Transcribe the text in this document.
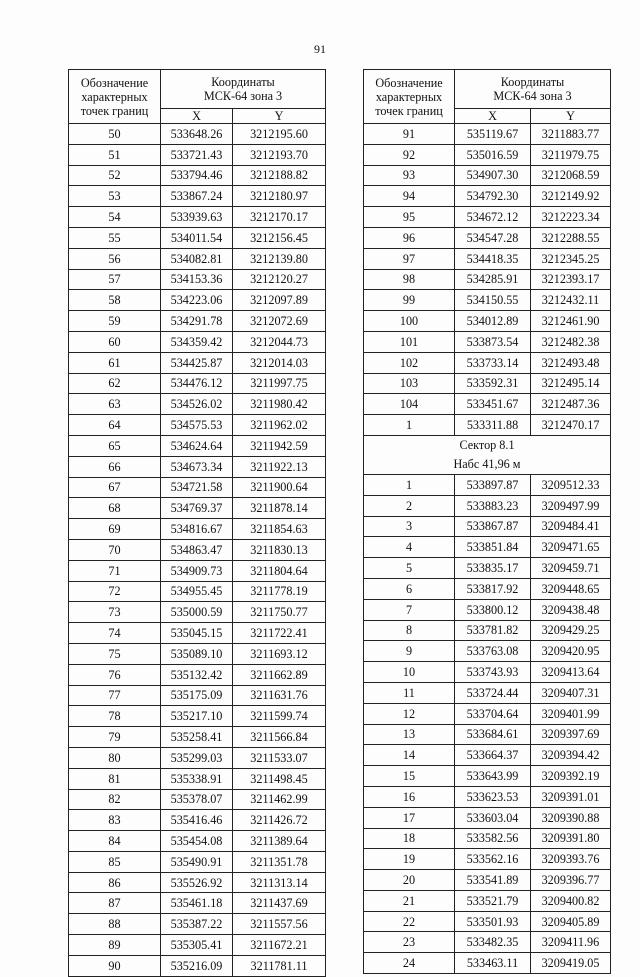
91
Обозначение
характерных
точек границ	Координаты
МСК-64 зона 3	
	X	Y
50	533648.26	3212195.60
51	533721.43	3212193.70
52	533794.46	3212188.82
53	533867.24	3212180.97
54	533939.63	3212170.17
55	534011.54	3212156.45
56	534082.81	3212139.80
57	534153.36	3212120.27
58	534223.06	3212097.89
59	534291.78	3212072.69
60	534359.42	3212044.73
61	534425.87	3212014.03
62	534476.12	3211997.75
63	534526.02	3211980.42
64	534575.53	3211962.02
65	534624.64	3211942.59
66	534673.34	3211922.13
67	534721.58	3211900.64
68	534769.37	3211878.14
69	534816.67	3211854.63
70	534863.47	3211830.13
71	534909.73	3211804.64
72	534955.45	3211778.19
73	535000.59	3211750.77
74	535045.15	3211722.41
75	535089.10	3211693.12
76	535132.42	3211662.89
77	535175.09	3211631.76
78	535217.10	3211599.74
79	535258.41	3211566.84
80	535299.03	3211533.07
81	535338.91	3211498.45
82	535378.07	3211462.99
83	535416.46	3211426.72
84	535454.08	3211389.64
85	535490.91	3211351.78
86	535526.92	3211313.14
87	535461.18	3211437.69
88	535387.22	3211557.56
89	535305.41	3211672.21
90	535216.09	3211781.11
Обозначение
характерных
точек границ	Координаты
МСК-64 зона 3	
	X	Y
91	535119.67	3211883.77
92	535016.59	3211979.75
93	534907.30	3212068.59
94	534792.30	3212149.92
95	534672.12	3212223.34
96	534547.28	3212288.55
97	534418.35	3212345.25
98	534285.91	3212393.17
99	534150.55	3212432.11
100	534012.89	3212461.90
101	533873.54	3212482.38
102	533733.14	3212493.48
103	533592.31	3212495.14
104	533451.67	3212487.36
1	533311.88	3212470.17
Сектор 8.1
Набс 41,96 м		
1	533897.87	3209512.33
2	533883.23	3209497.99
3	533867.87	3209484.41
4	533851.84	3209471.65
5	533835.17	3209459.71
6	533817.92	3209448.65
7	533800.12	3209438.48
8	533781.82	3209429.25
9	533763.08	3209420.95
10	533743.93	3209413.64
11	533724.44	3209407.31
12	533704.64	3209401.99
13	533684.61	3209397.69
14	533664.37	3209394.42
15	533643.99	3209392.19
16	533623.53	3209391.01
17	533603.04	3209390.88
18	533582.56	3209391.80
19	533562.16	3209393.76
20	533541.89	3209396.77
21	533521.79	3209400.82
22	533501.93	3209405.89
23	533482.35	3209411.96
24	533463.11	3209419.05
